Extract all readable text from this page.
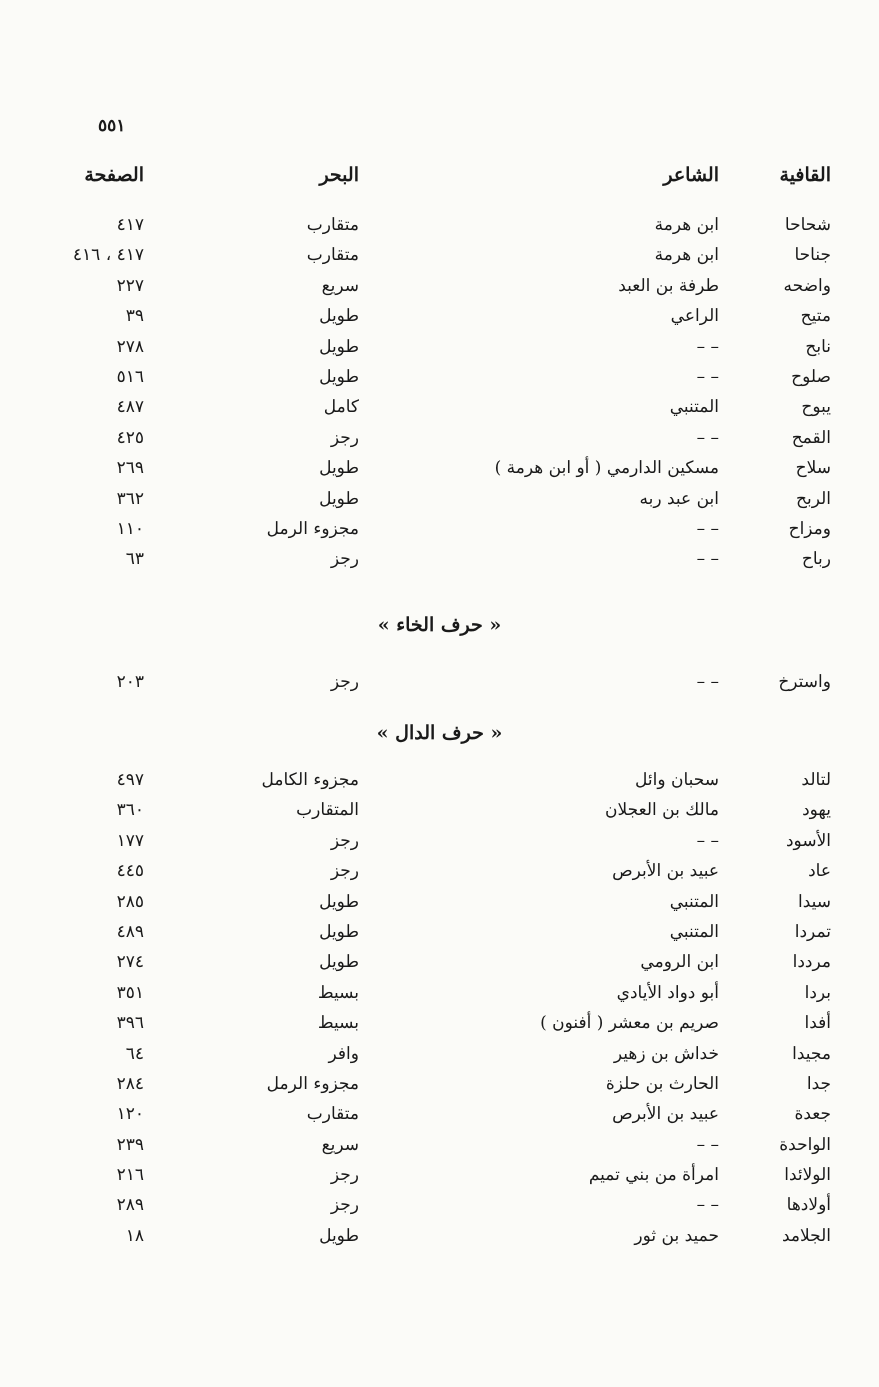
٥٥١
القافية
الشاعر
البحر
الصفحة
شحاحا
ابن هرمة
متقارب
٤١٧
جناحا
ابن هرمة
متقارب
٤١٧ ، ٤١٦
واضحه
طرفة بن العبد
سريع
٢٢٧
متيح
الراعي
طويل
٣٩
نابح
– –
طويل
٢٧٨
صلوح
– –
طويل
٥١٦
يبوح
المتنبي
كامل
٤٨٧
القمح
– –
رجز
٤٢٥
سلاح
مسكين الدارمي ( أو ابن هرمة )
طويل
٢٦٩
الربح
ابن عبد ربه
طويل
٣٦٢
ومزاح
– –
مجزوء الرمل
١١٠
رباح
– –
رجز
٦٣
« حرف الخاء »
واسترخ
– –
رجز
٢٠٣
« حرف الدال »
لتالد
سحبان وائل
مجزوء الكامل
٤٩٧
يهود
مالك بن العجلان
المتقارب
٣٦٠
الأسود
– –
رجز
١٧٧
عاد
عبيد بن الأبرص
رجز
٤٤٥
سيدا
المتنبي
طويل
٢٨٥
تمردا
المتنبي
طويل
٤٨٩
مرددا
ابن الرومي
طويل
٢٧٤
بردا
أبو دواد الأيادي
بسيط
٣٥١
أفدا
صريم بن معشر ( أفنون )
بسيط
٣٩٦
مجيدا
خداش بن زهير
وافر
٦٤
جدا
الحارث بن حلزة
مجزوء الرمل
٢٨٤
جعدة
عبيد بن الأبرص
متقارب
١٢٠
الواحدة
– –
سريع
٢٣٩
الولائدا
امرأة من بني تميم
رجز
٢١٦
أولادها
– –
رجز
٢٨٩
الجلامد
حميد بن ثور
طويل
١٨
